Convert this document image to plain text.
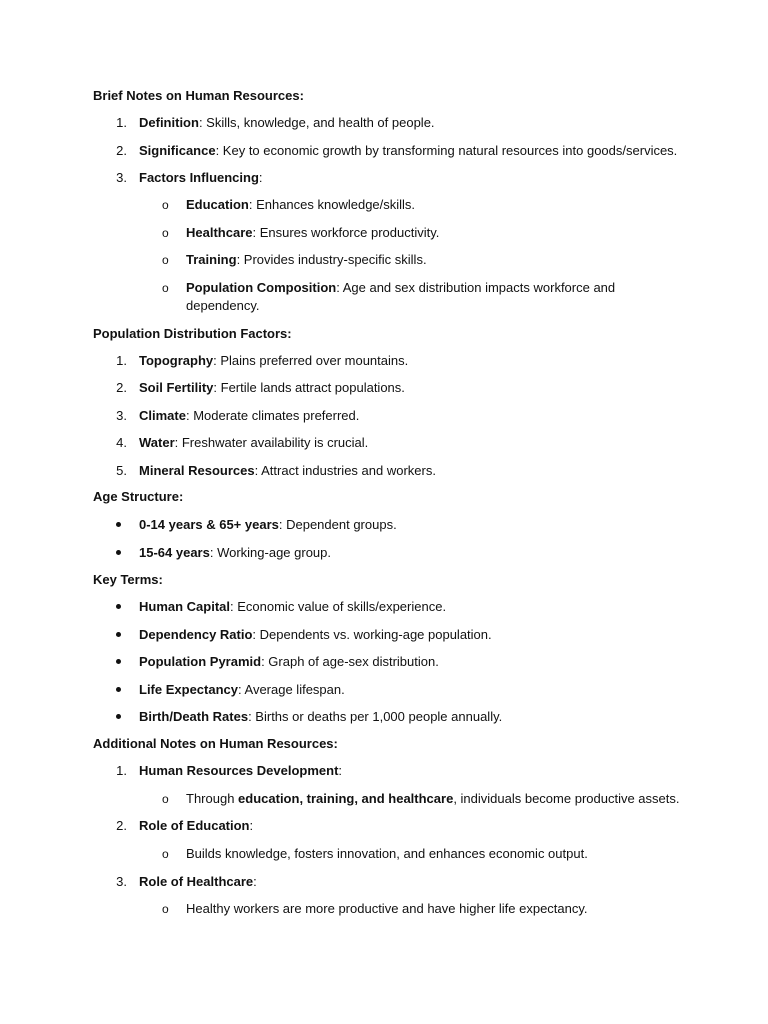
Brief Notes on Human Resources:
1. Definition: Skills, knowledge, and health of people.
2. Significance: Key to economic growth by transforming natural resources into goods/services.
3. Factors Influencing:
o Education: Enhances knowledge/skills.
o Healthcare: Ensures workforce productivity.
o Training: Provides industry-specific skills.
o Population Composition: Age and sex distribution impacts workforce and dependency.
Population Distribution Factors:
1. Topography: Plains preferred over mountains.
2. Soil Fertility: Fertile lands attract populations.
3. Climate: Moderate climates preferred.
4. Water: Freshwater availability is crucial.
5. Mineral Resources: Attract industries and workers.
Age Structure:
0-14 years & 65+ years: Dependent groups.
15-64 years: Working-age group.
Key Terms:
Human Capital: Economic value of skills/experience.
Dependency Ratio: Dependents vs. working-age population.
Population Pyramid: Graph of age-sex distribution.
Life Expectancy: Average lifespan.
Birth/Death Rates: Births or deaths per 1,000 people annually.
Additional Notes on Human Resources:
1. Human Resources Development:
o Through education, training, and healthcare, individuals become productive assets.
2. Role of Education:
o Builds knowledge, fosters innovation, and enhances economic output.
3. Role of Healthcare:
o Healthy workers are more productive and have higher life expectancy.
